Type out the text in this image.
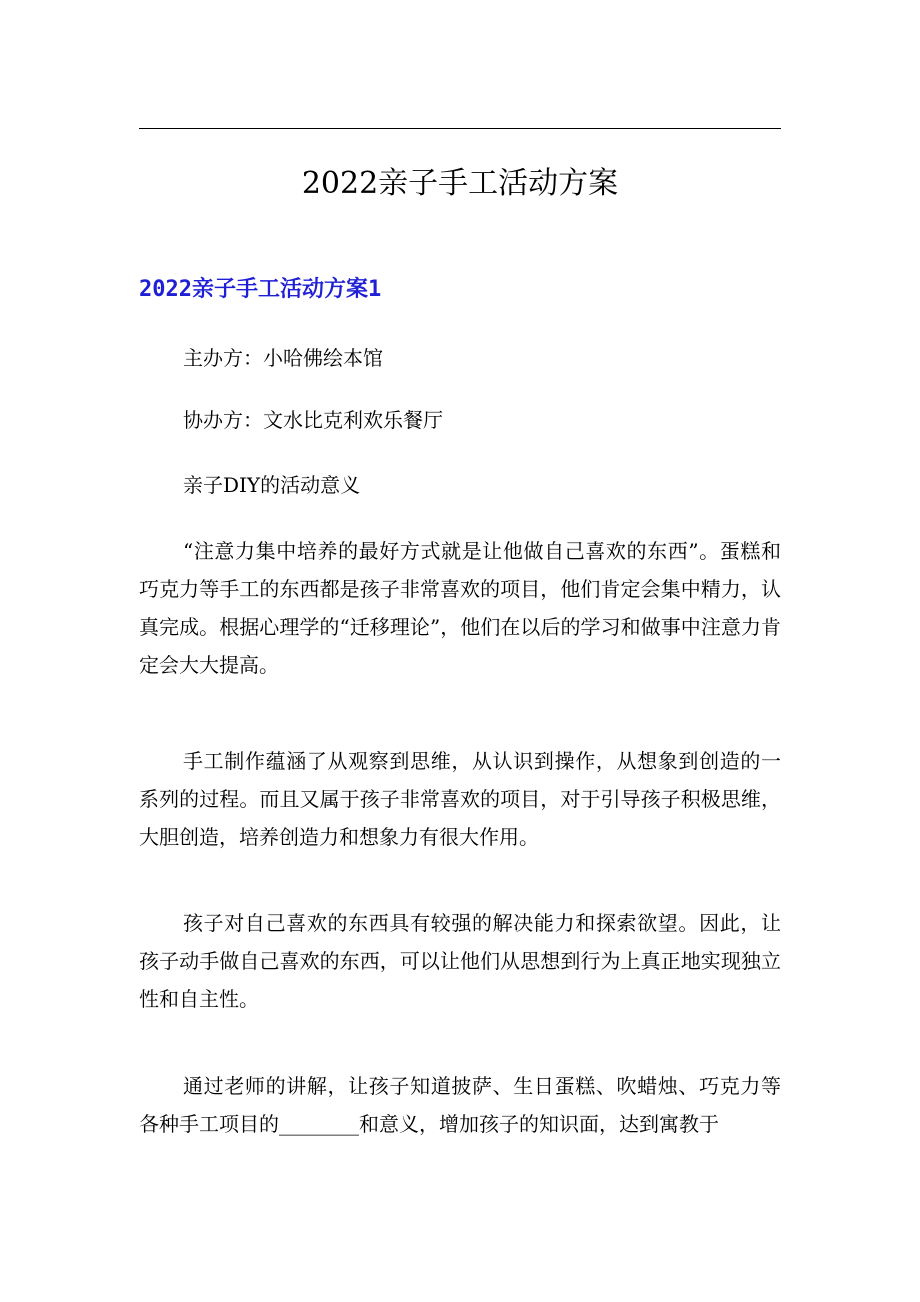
2022亲子手工活动方案
2022亲子手工活动方案1

主办方：小哈佛绘本馆

协办方：文水比克利欢乐餐厅

亲子DIY的活动意义

“注意力集中培养的最好方式就是让他做自己喜欢的东西”。蛋糕和巧克力等手工的东西都是孩子非常喜欢的项目，他们肯定会集中精力，认真完成。根据心理学的“迁移理论”，他们在以后的学习和做事中注意力肯定会大大提高。

手工制作蕴涵了从观察到思维，从认识到操作，从想象到创造的一系列的过程。而且又属于孩子非常喜欢的项目，对于引导孩子积极思维，大胆创造，培养创造力和想象力有很大作用。

孩子对自己喜欢的东西具有较强的解决能力和探索欲望。因此，让孩子动手做自己喜欢的东西，可以让他们从思想到行为上真正地实现独立性和自主性。

通过老师的讲解，让孩子知道披萨、生日蛋糕、吹蜡烛、巧克力等各种手工项目的________和意义，增加孩子的知识面，达到寓教于
